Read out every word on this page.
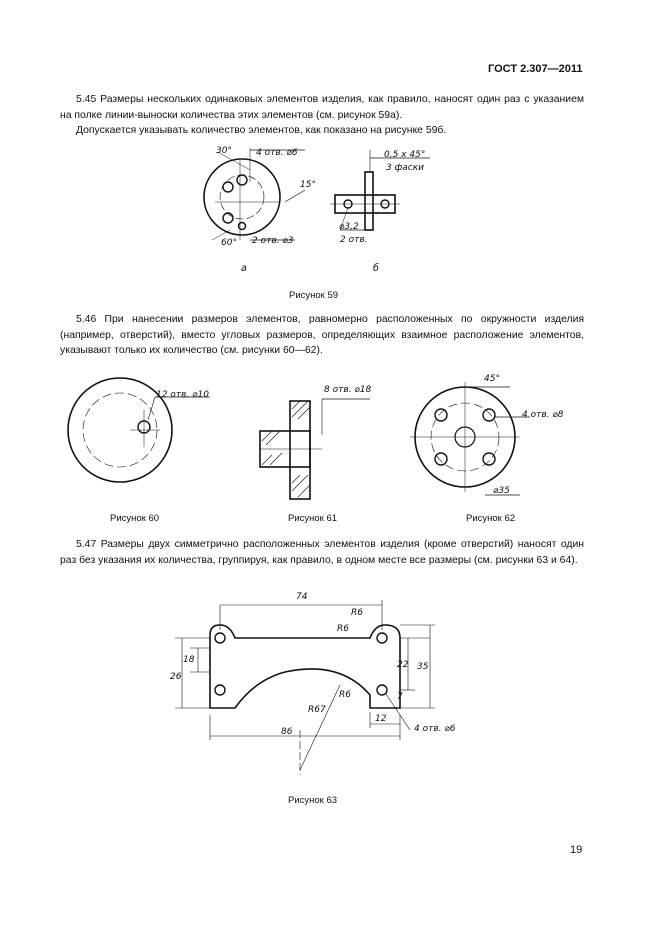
ГОСТ 2.307—2011
5.45 Размеры нескольких одинаковых элементов изделия, как правило, наносят один раз с указанием на полке линии-выноски количества этих элементов (см. рисунок 59а).
Допускается указывать количество элементов, как показано на рисунке 59б.
30°	4 отв. ⌀6
15°
60° 2 отв. ⌀3
0,5 х 45°
3 фаски
⌀3,2
2 отв.
а	б
Рисунок 59
5.46 При нанесении размеров элементов, равномерно расположенных по окружности изделия (например, отверстий), вместо угловых размеров, определяющих взаимное расположение элементов, указывают только их количество (см. рисунки 60—62).
12 отв. ⌀10	8 отв. ⌀18
45°
4 отв. ⌀8
⌀35
Рисунок 60	Рисунок 61	Рисунок 62
5.47 Размеры двух симметрично расположенных элементов изделия (кроме отверстий) наносят один раз без указания их количества, группируя, как правило, в одном месте все размеры (см. рисунки 63 и 64).
74
R6
R6
18
26
22 35
7
R6
R67
12
86	4 отв. ⌀6
Рисунок 63
19
